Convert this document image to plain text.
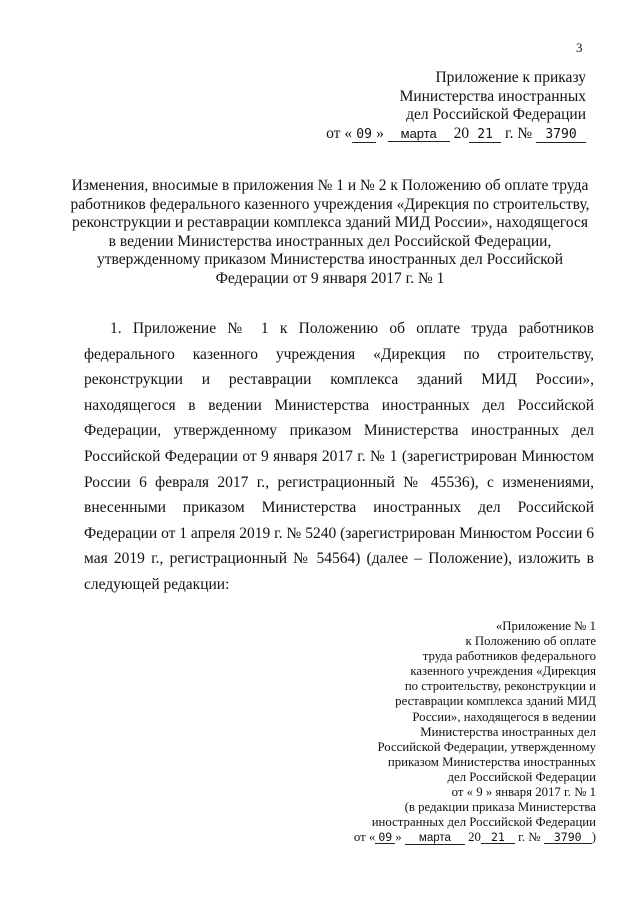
3
Приложение к приказу
Министерства иностранных
дел Российской Федерации
от « 09 » марта 20 21 г. № 3790
Изменения, вносимые в приложения № 1 и № 2 к Положению об оплате труда
работников федерального казенного учреждения «Дирекция по строительству,
реконструкции и реставрации комплекса зданий МИД России», находящегося
в ведении Министерства иностранных дел Российской Федерации,
утвержденному приказом Министерства иностранных дел Российской
Федерации от 9 января 2017 г. № 1

1. Приложение № 1 к Положению об оплате труда работников федерального казенного учреждения «Дирекция по строительству, реконструкции и реставрации комплекса зданий МИД России», находящегося в ведении Министерства иностранных дел Российской Федерации, утвержденному приказом Министерства иностранных дел Российской Федерации от 9 января 2017 г. № 1 (зарегистрирован Минюстом России 6 февраля 2017 г., регистрационный № 45536), с изменениями, внесенными приказом Министерства иностранных дел Российской Федерации от 1 апреля 2019 г. № 5240 (зарегистрирован Минюстом России 6 мая 2019 г., регистрационный № 54564) (далее – Положение), изложить в следующей редакции:

«Приложение № 1
к Положению об оплате
труда работников федерального
казенного учреждения «Дирекция
по строительству, реконструкции и
реставрации комплекса зданий МИД
России», находящегося в ведении
Министерства иностранных дел
Российской Федерации, утвержденному
приказом Министерства иностранных
дел Российской Федерации
от « 9 » января 2017 г. № 1
(в редакции приказа Министерства
иностранных дел Российской Федерации
от « 09 » марта 20 21 г. № 3790 )
